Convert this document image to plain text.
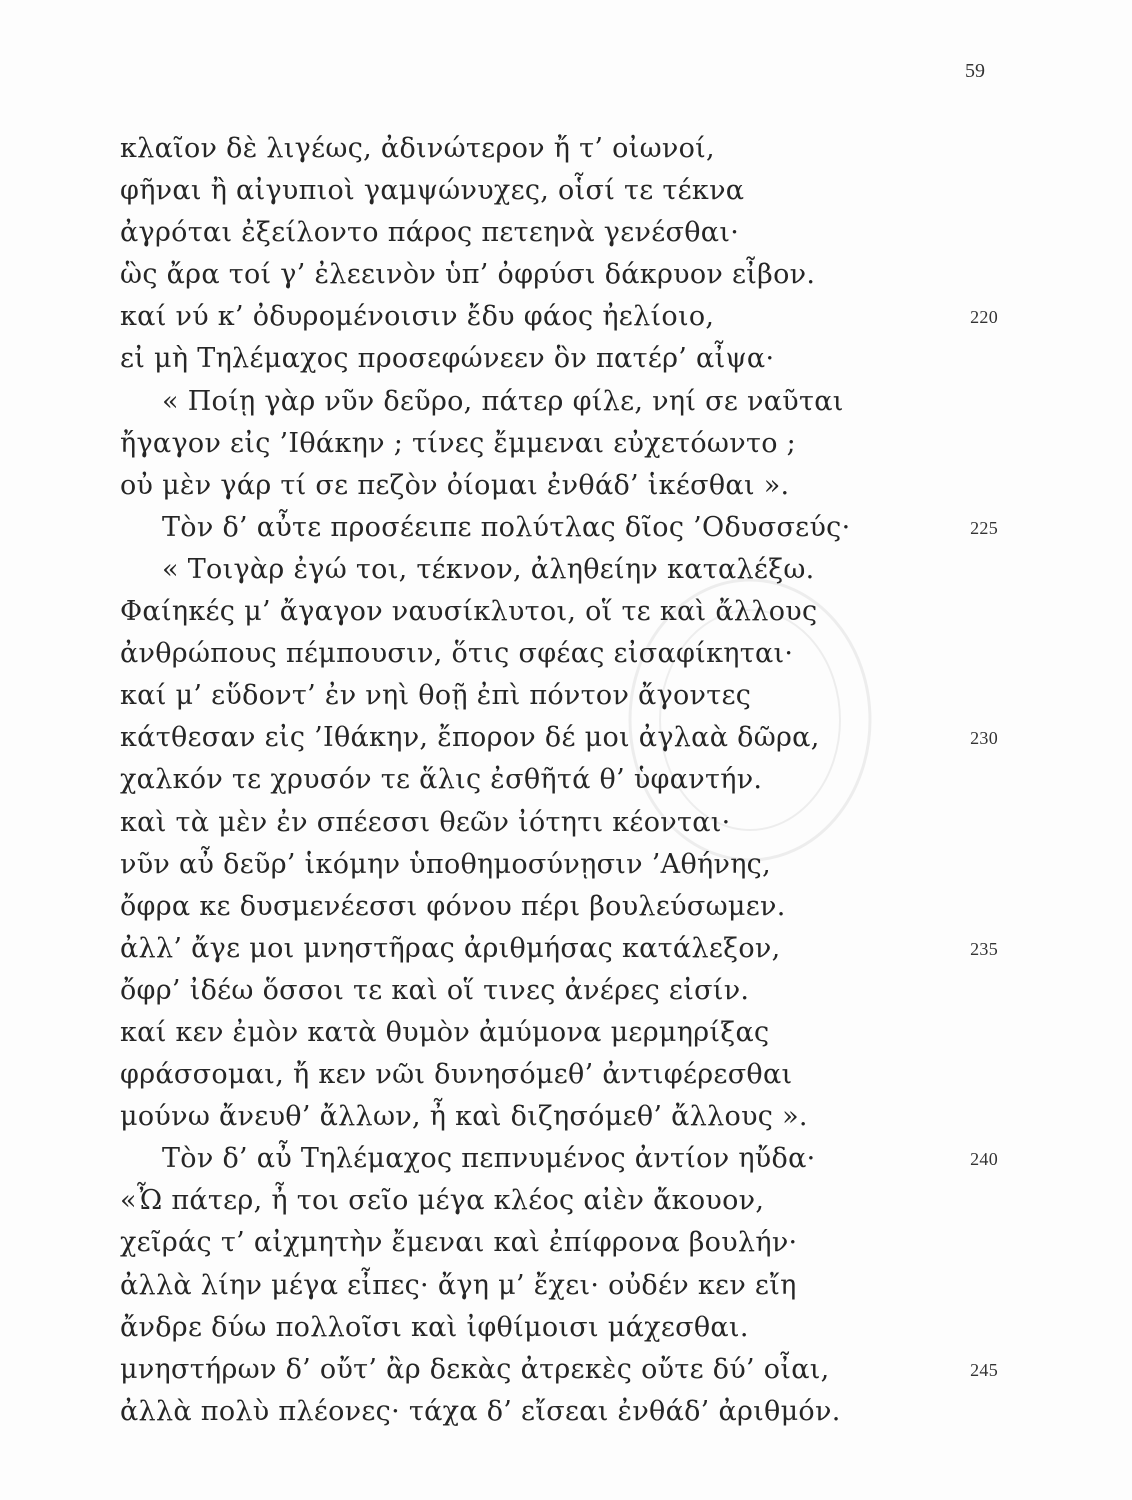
59
κλαῖον δὲ λιγέως, ἀδινώτερον ἤ τ’ οἰωνοί,
φῆναι ἢ αἰγυπιοὶ γαμψώνυχες, οἷσί τε τέκνα
ἀγρόται ἐξείλοντο πάρος πετεηνὰ γενέσθαι·
ὣς ἄρα τοί γ’ ἐλεεινὸν ὑπ’ ὀφρύσι δάκρυον εἶβον.
καί νύ κ’ ὀδυρομένοισιν ἔδυ φάος ἠελίοιο,	220
εἰ μὴ Τηλέμαχος προσεφώνεεν ὃν πατέρ’ αἶψα·
« Ποίῃ γὰρ νῦν δεῦρο, πάτερ φίλε, νηί σε ναῦται
ἤγαγον εἰς ’Ιθάκην ; τίνες ἔμμεναι εὐχετόωντο ;
οὐ μὲν γάρ τί σε πεζὸν ὀίομαι ἐνθάδ’ ἱκέσθαι ».
Τὸν δ’ αὖτε προσέειπε πολύτλας δῖος ’Οδυσσεύς·	225
« Τοιγὰρ ἐγώ τοι, τέκνον, ἀληθείην καταλέξω.
Φαίηκές μ’ ἄγαγον ναυσίκλυτοι, οἵ τε καὶ ἄλλους
ἀνθρώπους πέμπουσιν, ὅτις σφέας εἰσαφίκηται·
καί μ’ εὕδοντ’ ἐν νηὶ θοῇ ἐπὶ πόντον ἄγοντες
κάτθεσαν εἰς ’Ιθάκην, ἔπορον δέ μοι ἀγλαὰ δῶρα,	230
χαλκόν τε χρυσόν τε ἅλις ἐσθῆτά θ’ ὑφαντήν.
καὶ τὰ μὲν ἐν σπέεσσι θεῶν ἰότητι κέονται·
νῦν αὖ δεῦρ’ ἱκόμην ὑποθημοσύνῃσιν ’Αθήνης,
ὄφρα κε δυσμενέεσσι φόνου πέρι βουλεύσωμεν.
ἀλλ’ ἄγε μοι μνηστῆρας ἀριθμήσας κατάλεξον,	235
ὄφρ’ ἰδέω ὅσσοι τε καὶ οἵ τινες ἀνέρες εἰσίν.
καί κεν ἐμὸν κατὰ θυμὸν ἀμύμονα μερμηρίξας
φράσσομαι, ἤ κεν νῶι δυνησόμεθ’ ἀντιφέρεσθαι
μούνω ἄνευθ’ ἄλλων, ἦ καὶ διζησόμεθ’ ἄλλους ».
Τὸν δ’ αὖ Τηλέμαχος πεπνυμένος ἀντίον ηὔδα·	240
«Ὦ πάτερ, ἦ τοι σεῖο μέγα κλέος αἰὲν ἄκουον,
χεῖράς τ’ αἰχμητὴν ἔμεναι καὶ ἐπίφρονα βουλήν·
ἀλλὰ λίην μέγα εἶπες· ἄγη μ’ ἔχει· οὐδέν κεν εἴη
ἄνδρε δύω πολλοῖσι καὶ ἰφθίμοισι μάχεσθαι.
μνηστήρων δ’ οὔτ’ ἂρ δεκὰς ἀτρεκὲς οὔτε δύ’ οἶαι,	245
ἀλλὰ πολὺ πλέονες· τάχα δ’ εἴσεαι ἐνθάδ’ ἀριθμόν.
